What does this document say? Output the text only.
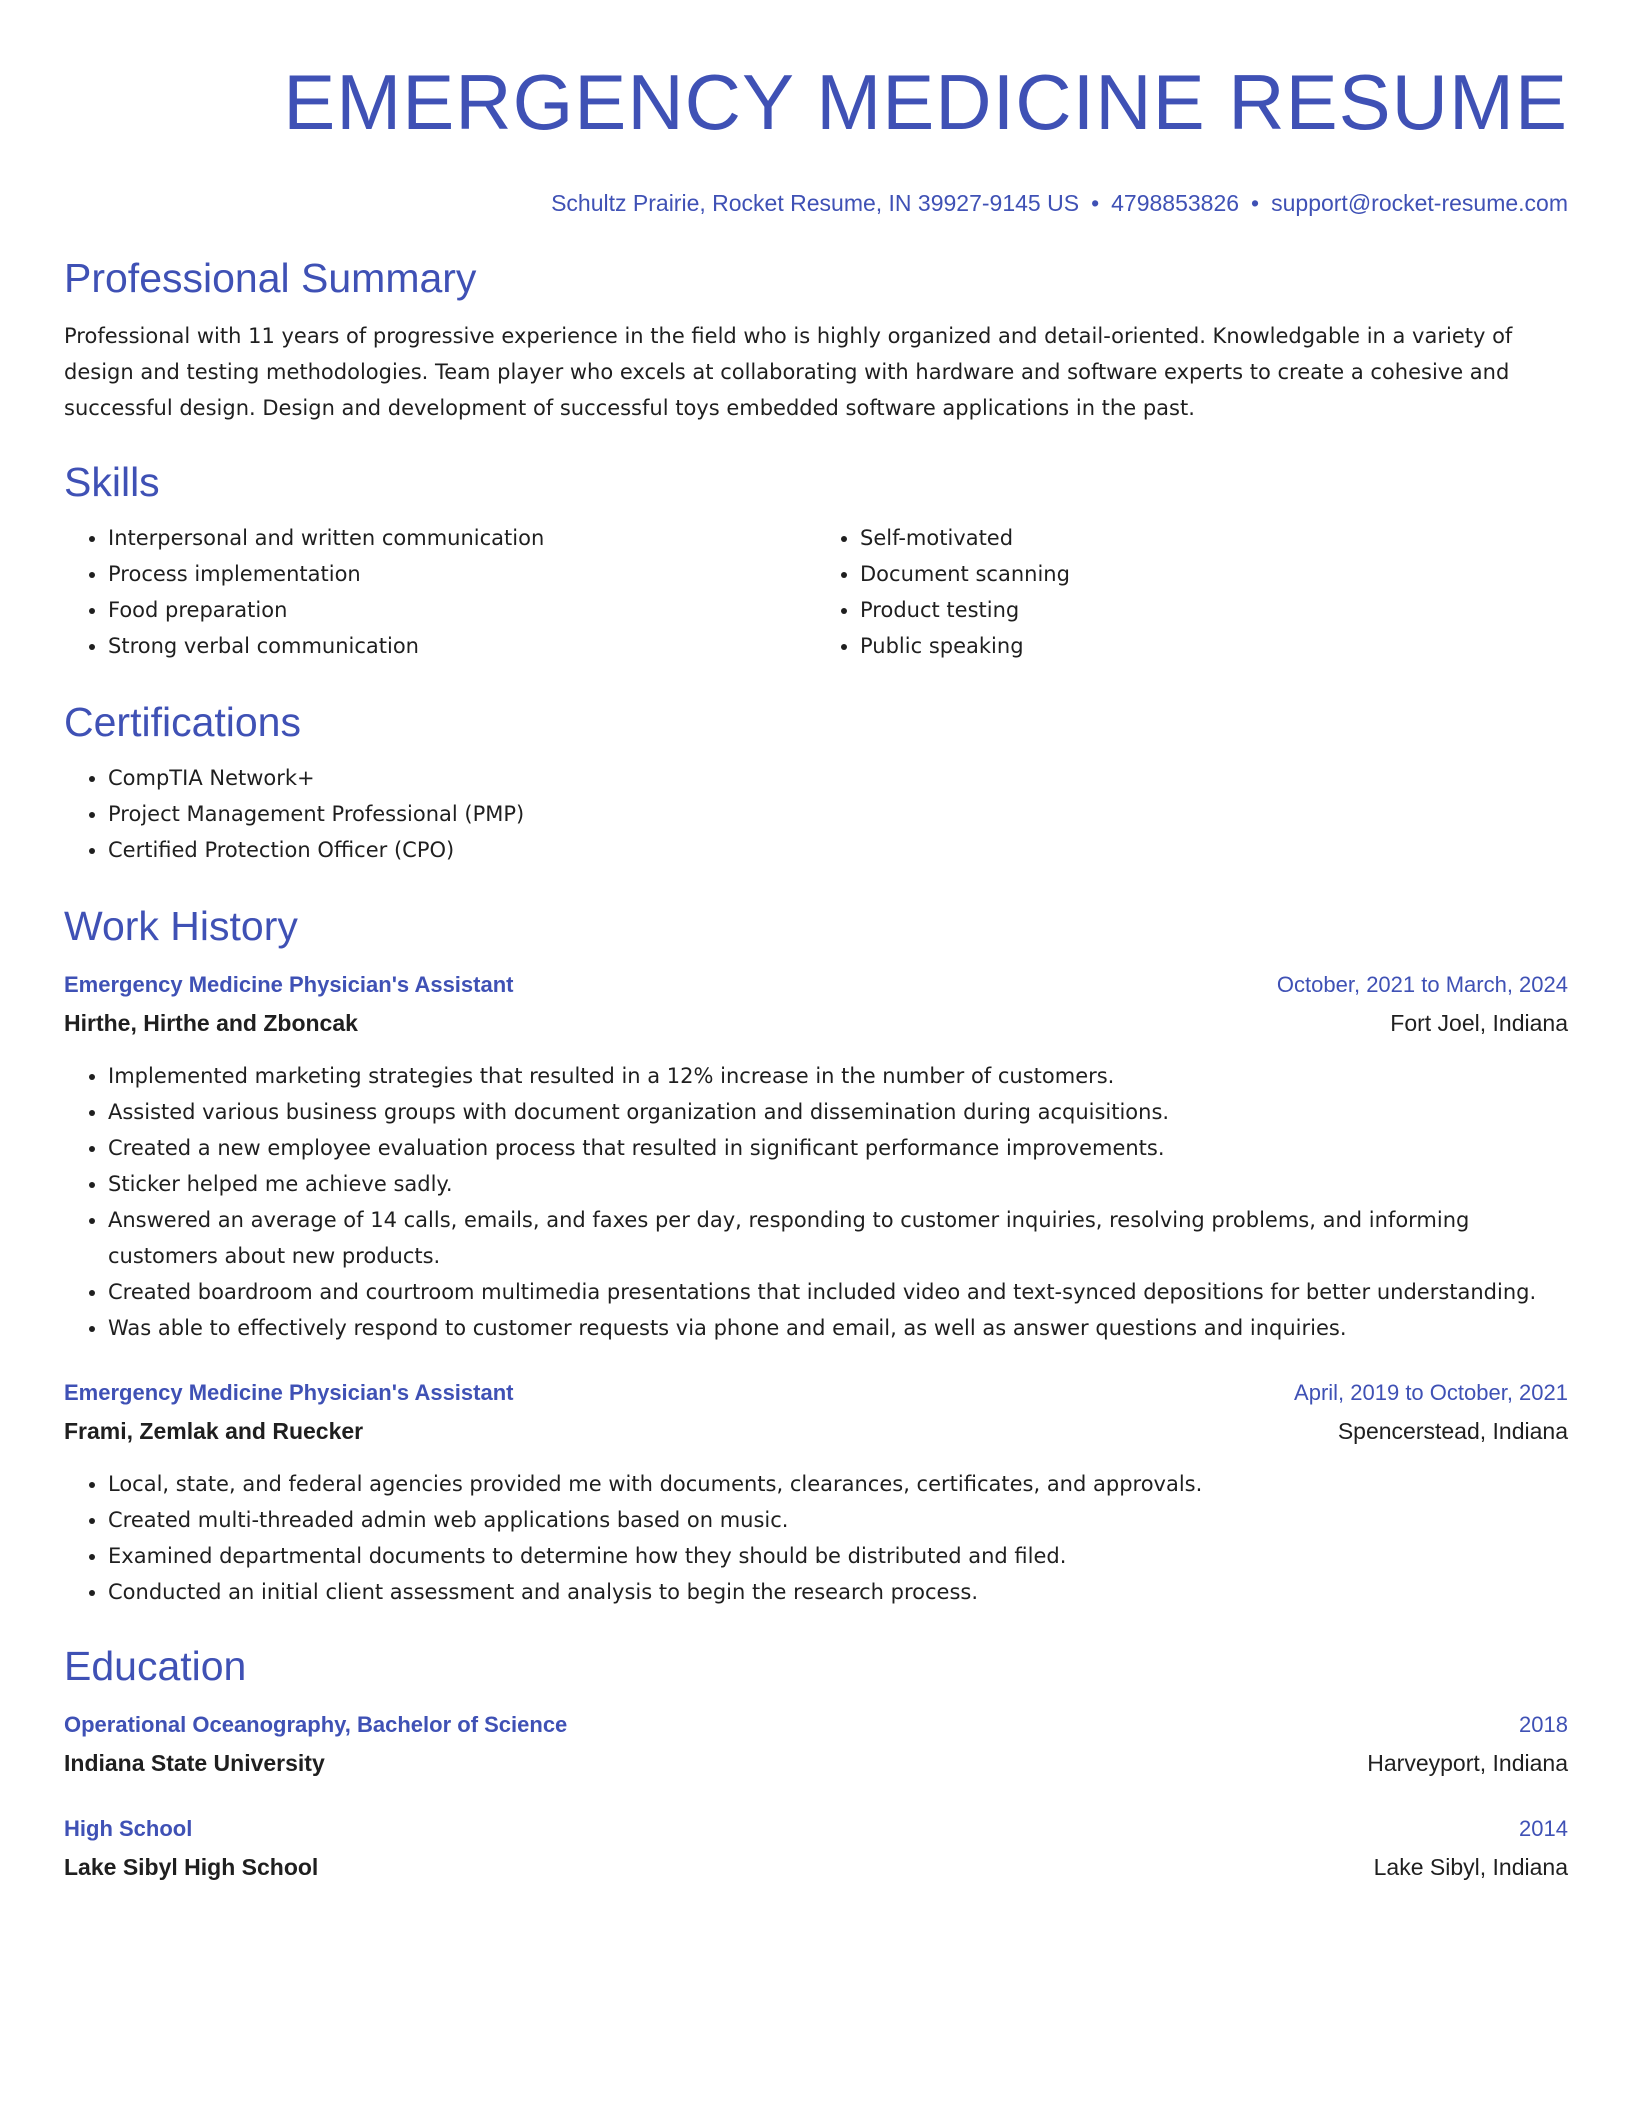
EMERGENCY MEDICINE RESUME
Schultz Prairie, Rocket Resume, IN 39927-9145 US • 4798853826 • support@rocket-resume.com
Professional Summary

Professional with 11 years of progressive experience in the field who is highly organized and detail-oriented. Knowledgable in a variety of design and testing methodologies. Team player who excels at collaborating with hardware and software experts to create a cohesive and successful design. Design and development of successful toys embedded software applications in the past.

Skills
• Interpersonal and written communication
• Process implementation
• Food preparation
• Strong verbal communication
• Self-motivated
• Document scanning
• Product testing
• Public speaking
Certifications
• CompTIA Network+
• Project Management Professional (PMP)
• Certified Protection Officer (CPO)
Work History
Emergency Medicine Physician's Assistant	October, 2021 to March, 2024
Hirthe, Hirthe and Zboncak	Fort Joel, Indiana
• Implemented marketing strategies that resulted in a 12% increase in the number of customers.
• Assisted various business groups with document organization and dissemination during acquisitions.
• Created a new employee evaluation process that resulted in significant performance improvements.
• Sticker helped me achieve sadly.
• Answered an average of 14 calls, emails, and faxes per day, responding to customer inquiries, resolving problems, and informing customers about new products.
• Created boardroom and courtroom multimedia presentations that included video and text-synced depositions for better understanding.
• Was able to effectively respond to customer requests via phone and email, as well as answer questions and inquiries.
Emergency Medicine Physician's Assistant	April, 2019 to October, 2021
Frami, Zemlak and Ruecker	Spencerstead, Indiana
• Local, state, and federal agencies provided me with documents, clearances, certificates, and approvals.
• Created multi-threaded admin web applications based on music.
• Examined departmental documents to determine how they should be distributed and filed.
• Conducted an initial client assessment and analysis to begin the research process.
Education
Operational Oceanography, Bachelor of Science	2018
Indiana State University	Harveyport, Indiana
High School	2014
Lake Sibyl High School	Lake Sibyl, Indiana
